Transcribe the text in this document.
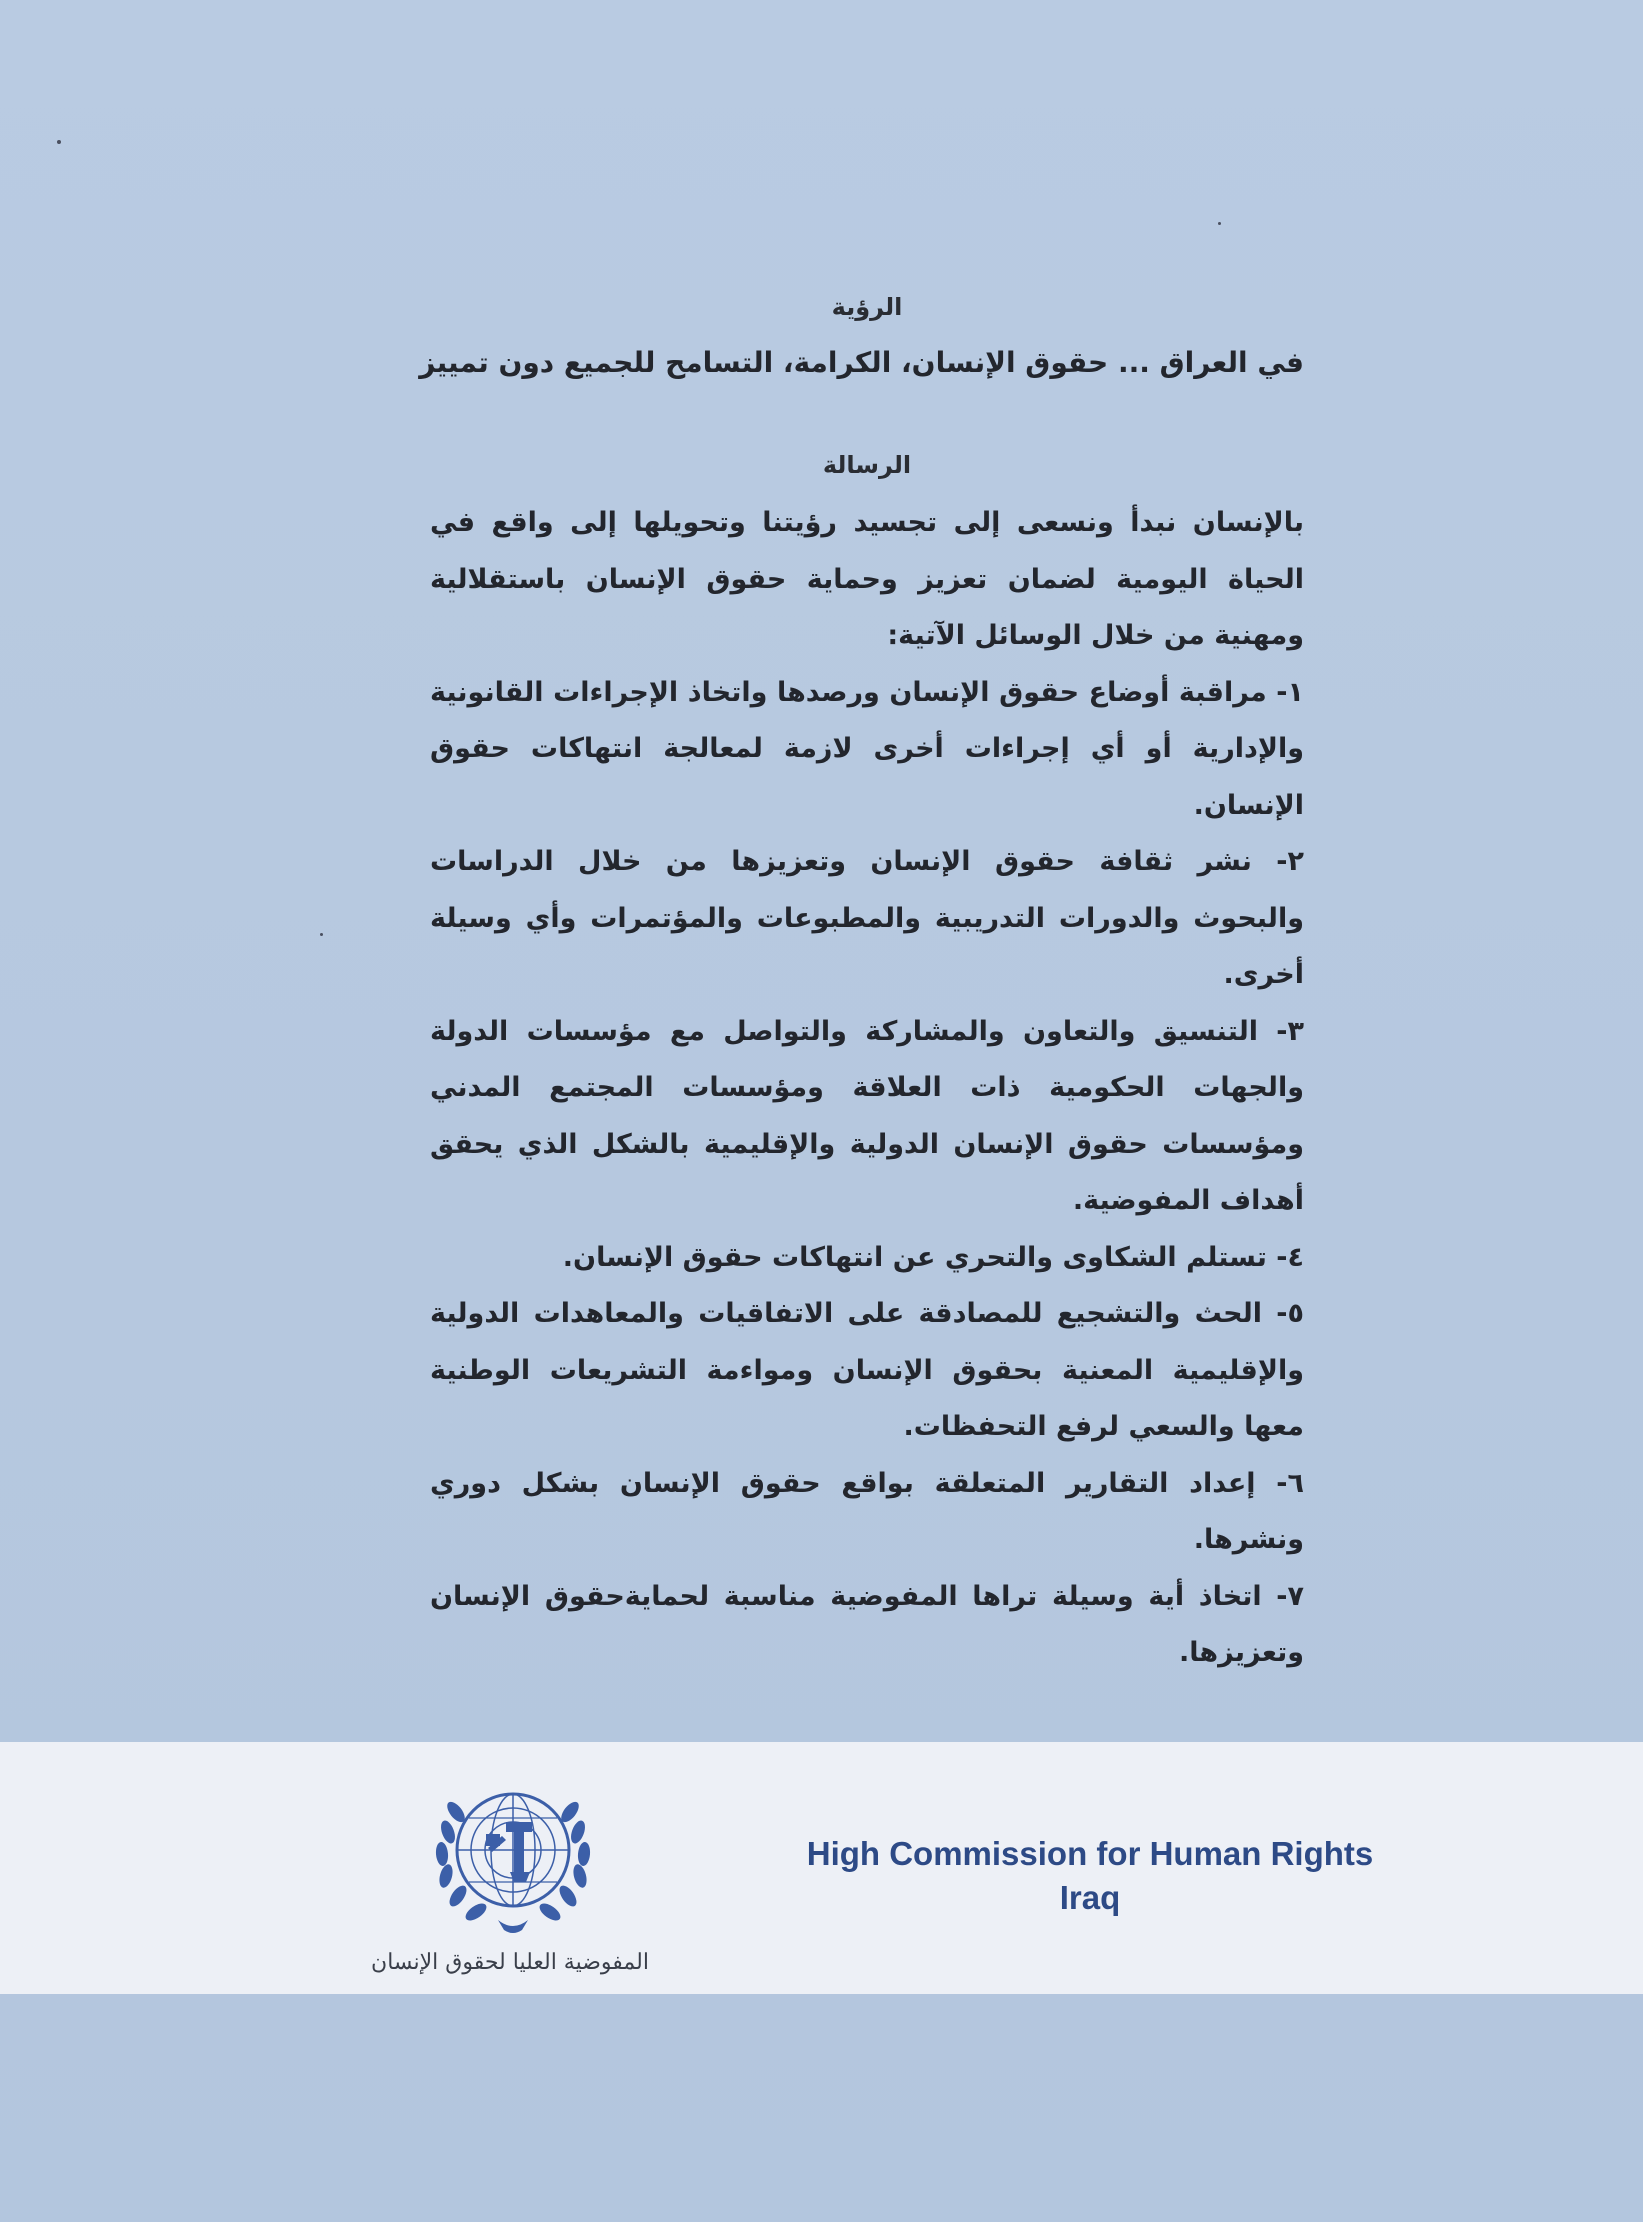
الرؤية

في العراق ... حقوق الإنسان، الكرامة، التسامح للجميع دون تمييز

الرسالة

بالإنسان نبدأ ونسعى إلى تجسيد رؤيتنا وتحويلها إلى واقع في الحياة اليومية لضمان تعزيز وحماية حقوق الإنسان باستقلالية ومهنية من خلال الوسائل الآتية:

١- مراقبة أوضاع حقوق الإنسان ورصدها واتخاذ الإجراءات القانونية والإدارية أو أي إجراءات أخرى لازمة لمعالجة انتهاكات حقوق الإنسان.

٢- نشر ثقافة حقوق الإنسان وتعزيزها من خلال الدراسات والبحوث والدورات التدريبية والمطبوعات والمؤتمرات وأي وسيلة أخرى.

٣- التنسيق والتعاون والمشاركة والتواصل مع مؤسسات الدولة والجهات الحكومية ذات العلاقة ومؤسسات المجتمع المدني ومؤسسات حقوق الإنسان الدولية والإقليمية بالشكل الذي يحقق أهداف المفوضية.

٤- تستلم الشكاوى والتحري عن انتهاكات حقوق الإنسان.

٥- الحث والتشجيع للمصادقة على الاتفاقيات والمعاهدات الدولية والإقليمية المعنية بحقوق الإنسان ومواءمة التشريعات الوطنية معها والسعي لرفع التحفظات.

٦- إعداد التقارير المتعلقة بواقع حقوق الإنسان بشكل دوري ونشرها.

٧- اتخاذ أية وسيلة تراها المفوضية مناسبة لحمايةحقوق الإنسان وتعزيزها.

المفوضية العليا لحقوق الإنسان
High Commission for Human Rights
Iraq
